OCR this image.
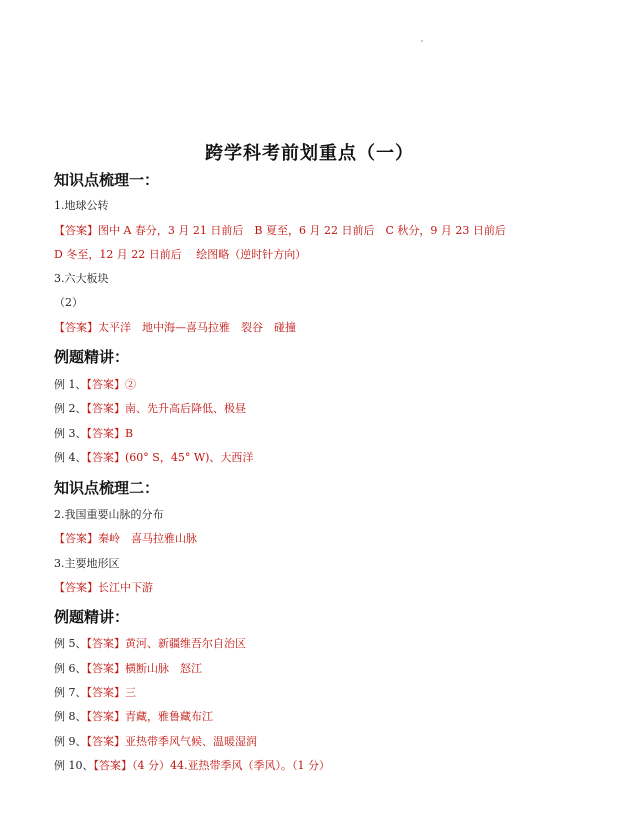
跨学科考前划重点（一）
知识点梳理一：
1.地球公转
【答案】图中 A 春分，3 月 21 日前后　B 夏至，6 月 22 日前后　C 秋分，9 月 23 日前后
D 冬至，12 月 22 日前后　 绘图略（逆时针方向）
3.六大板块
（2）
【答案】太平洋　地中海—喜马拉雅　裂谷　碰撞
例题精讲：
例 1、【答案】②
例 2、【答案】南、先升高后降低、极昼
例 3、【答案】B
例 4、【答案】(60° S，45° W)、大西洋
知识点梳理二：
2.我国重要山脉的分布
【答案】秦岭　喜马拉雅山脉
3.主要地形区
【答案】长江中下游
例题精讲：
例 5、【答案】黄河、新疆维吾尔自治区
例 6、【答案】横断山脉　怒江
例 7、【答案】三
例 8、【答案】青藏，雅鲁藏布江
例 9、【答案】亚热带季风气候、温暖湿润
例 10、【答案】（4 分）44.亚热带季风（季风）。（1 分）
